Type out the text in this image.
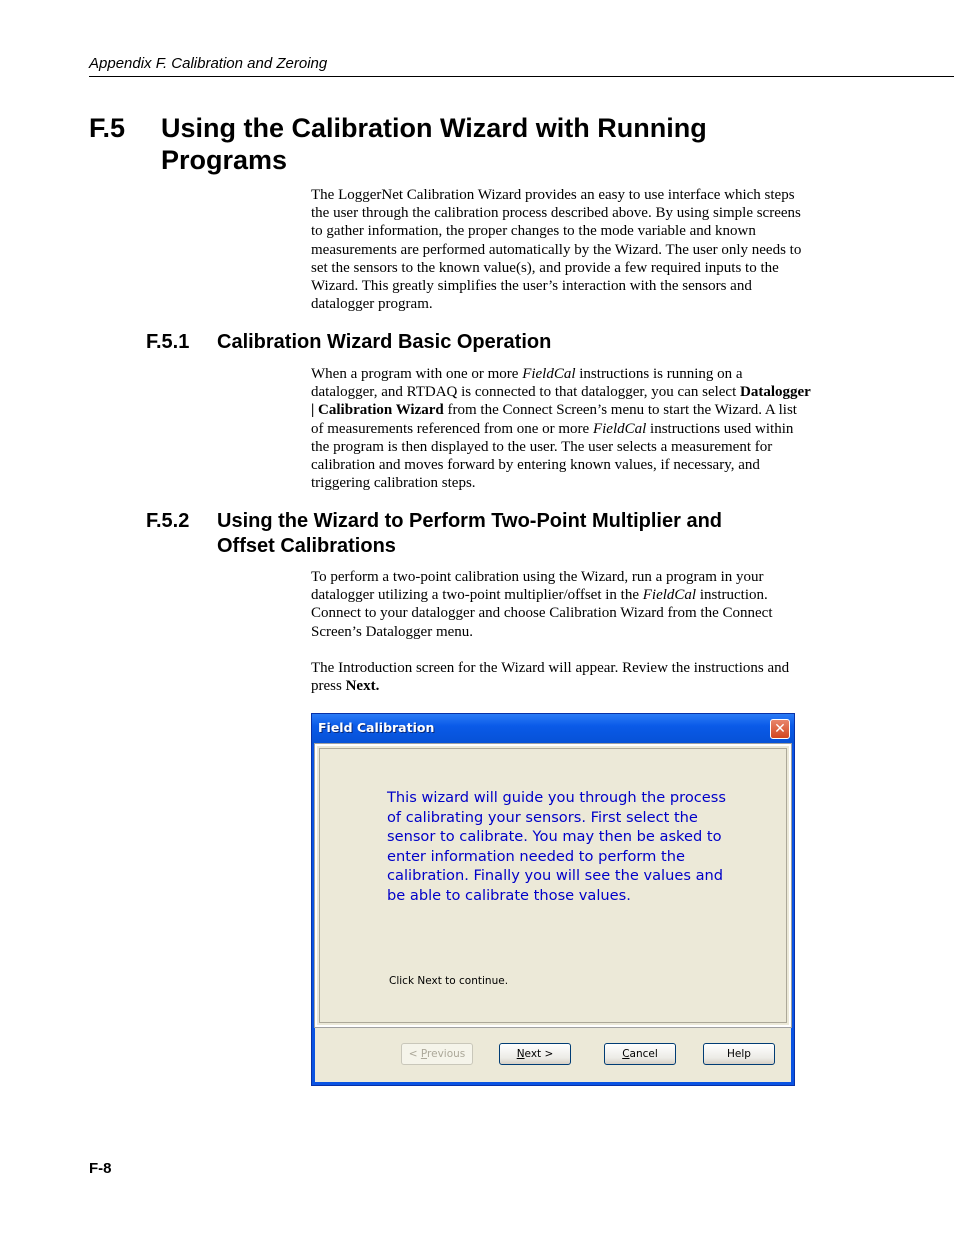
Appendix F. Calibration and Zeroing
F.5 Using the Calibration Wizard with Running
Programs

The LoggerNet Calibration Wizard provides an easy to use interface which steps the user through the calibration process described above. By using simple screens to gather information, the proper changes to the mode variable and known measurements are performed automatically by the Wizard. The user only needs to set the sensors to the known value(s), and provide a few required inputs to the Wizard. This greatly simplifies the user’s interaction with the sensors and datalogger program.

F.5.1 Calibration Wizard Basic Operation

When a program with one or more FieldCal instructions is running on a datalogger, and RTDAQ is connected to that datalogger, you can select Datalogger | Calibration Wizard from the Connect Screen’s menu to start the Wizard. A list of measurements referenced from one or more FieldCal instructions used within the program is then displayed to the user. The user selects a measurement for calibration and moves forward by entering known values, if necessary, and triggering calibration steps.

F.5.2 Using the Wizard to Perform Two-Point Multiplier and
Offset Calibrations

To perform a two-point calibration using the Wizard, run a program in your datalogger utilizing a two-point multiplier/offset in the FieldCal instruction. Connect to your datalogger and choose Calibration Wizard from the Connect Screen’s Datalogger menu.

The Introduction screen for the Wizard will appear. Review the instructions and press Next.

Field Calibration	✕
This wizard will guide you through the process of calibrating your sensors. First select the sensor to calibrate. You may then be asked to enter information needed to perform the calibration. Finally you will see the values and be able to calibrate those values.
Click Next to continue.
< Previous	Next >	Cancel	Help
F-8
